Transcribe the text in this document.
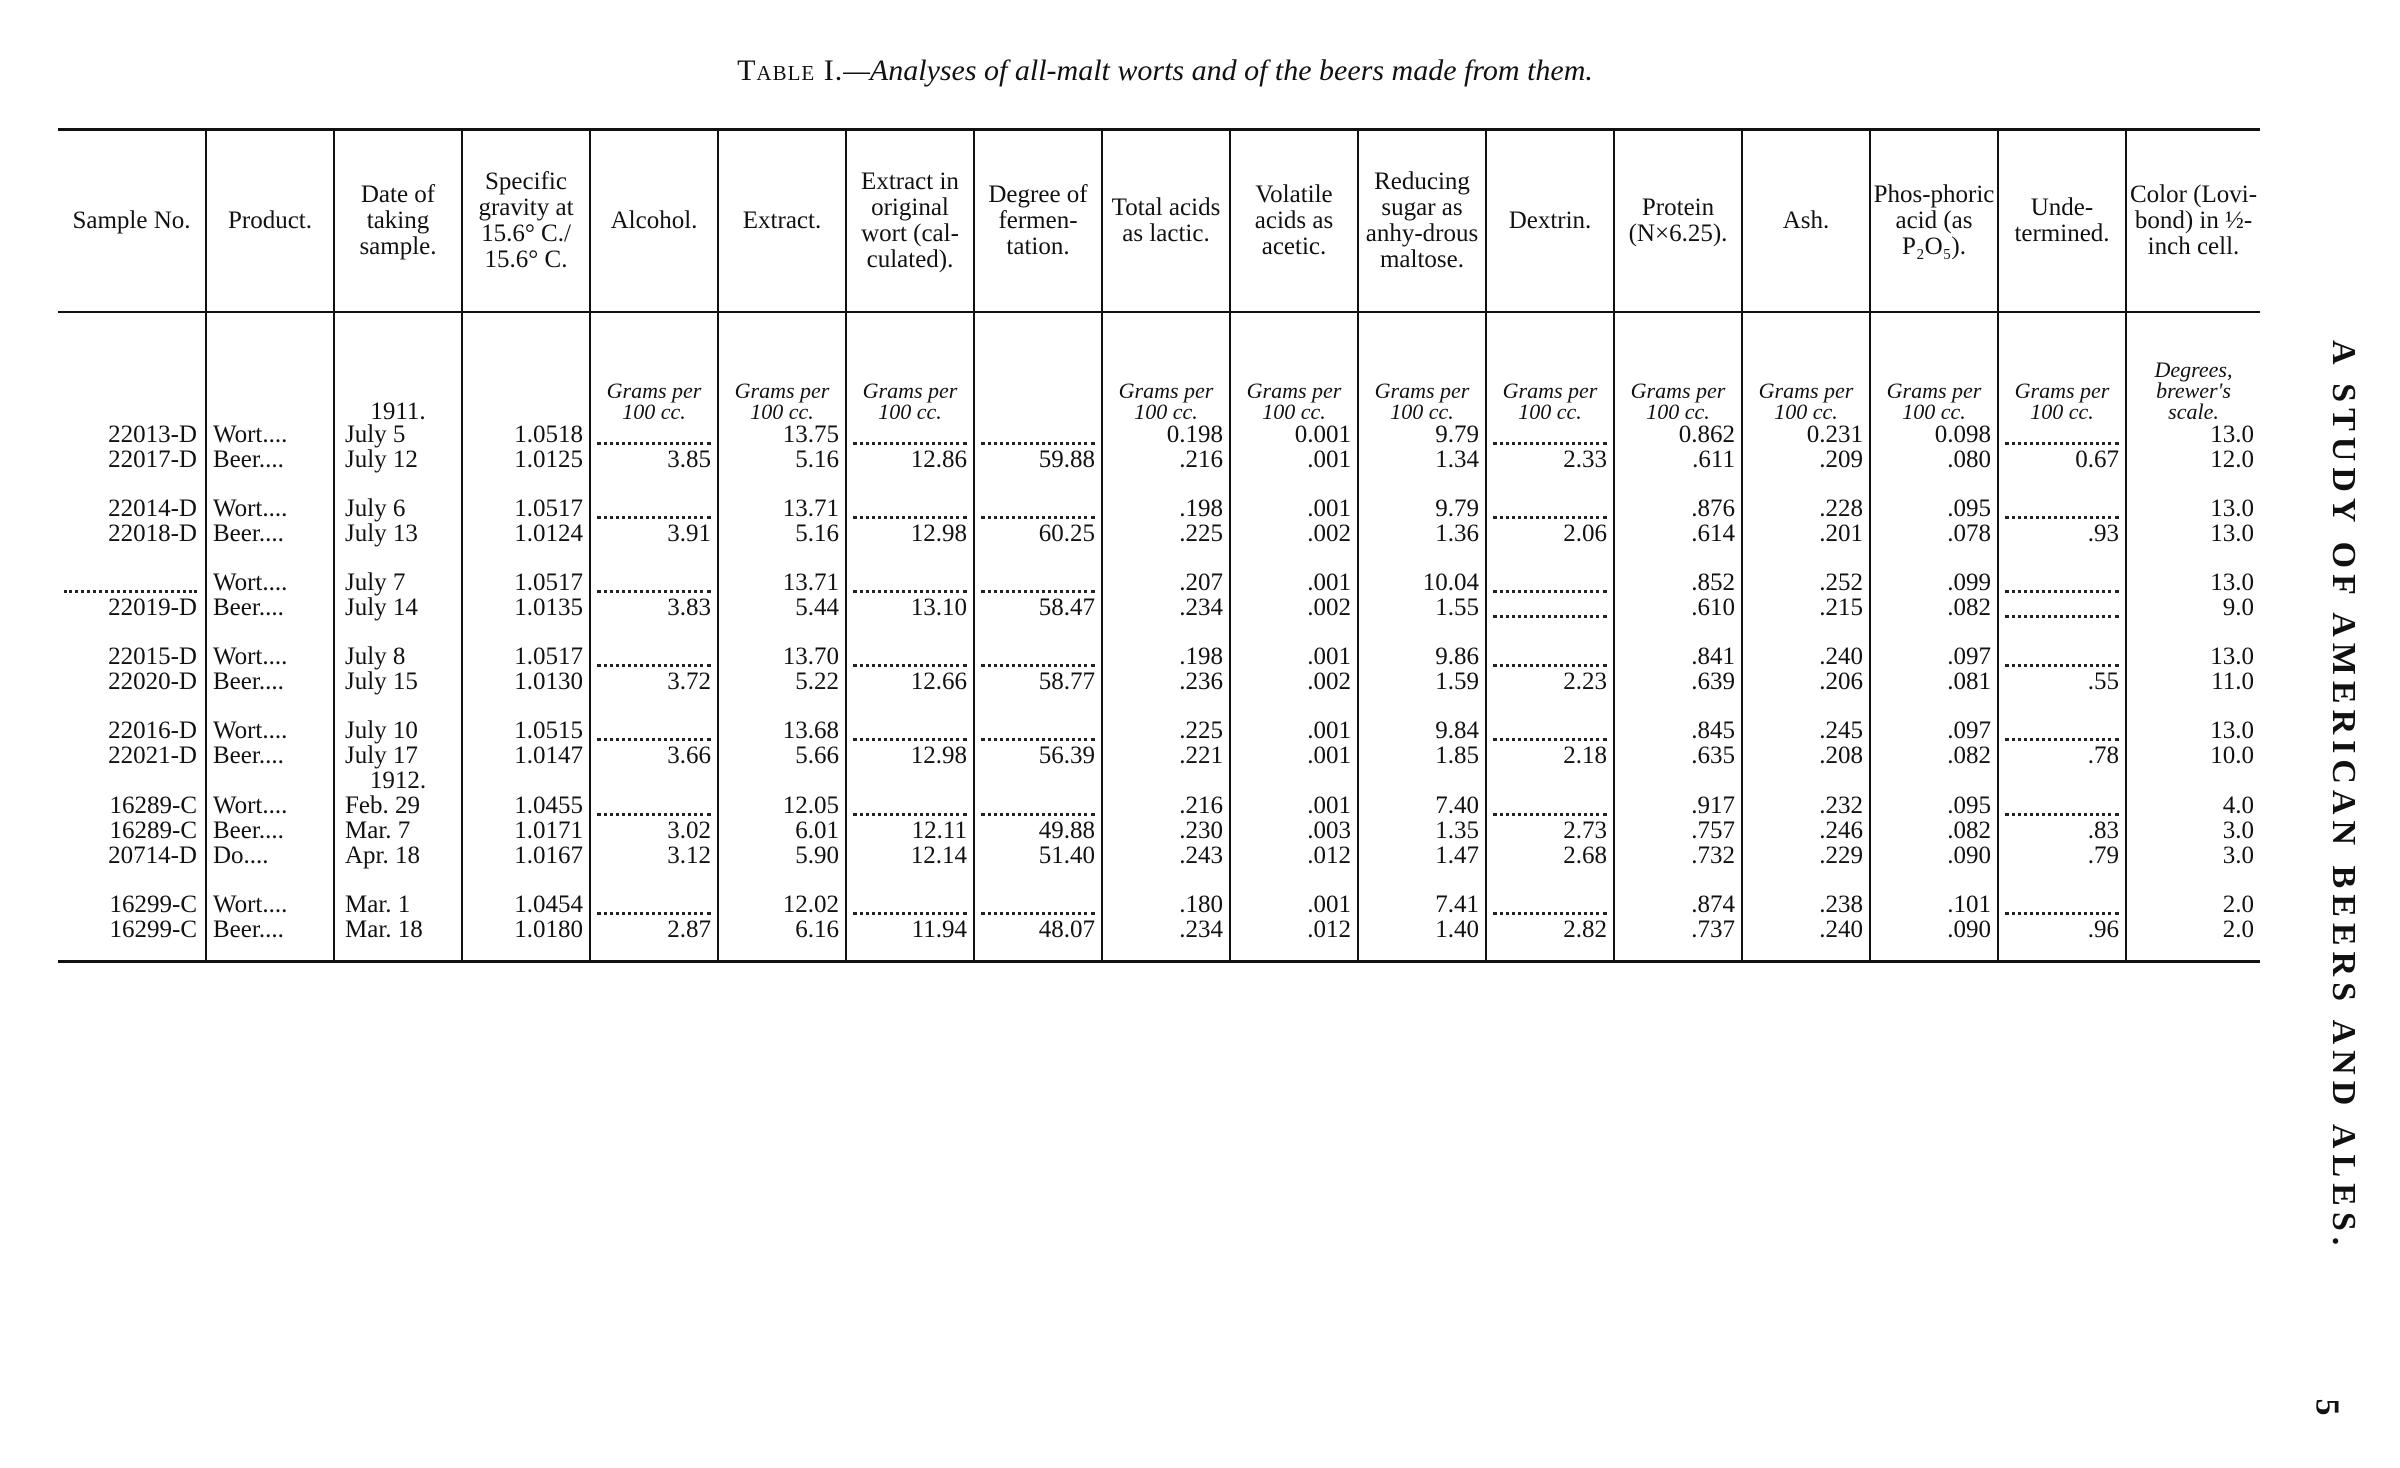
Table I.—Analyses of all-malt worts and of the beers made from them.
Sample No.	Product.	Date of taking sample.	Specific gravity at 15.6° C./ 15.6° C.	Alcohol.	Extract.	Extract in original wort (cal-culated).	Degree of fermen-tation.	Total acids as lactic.	Volatile acids as acetic.	Reducing sugar as anhy-drous maltose.	Dextrin.	Protein (N×6.25).	Ash.	Phos-phoric acid (as P₂O₅).	Unde-termined.	Color (Lovi-bond) in ½-inch cell.

		1911.		Grams per 100 cc.	Grams per 100 cc.	Grams per 100 cc.		Grams per 100 cc.	Grams per 100 cc.	Grams per 100 cc.	Grams per 100 cc.	Grams per 100 cc.	Grams per 100 cc.	Grams per 100 cc.	Grams per 100 cc.	Degrees, brewer's scale.
22013-D	Wort....	July 5	1.0518		13.75			0.198	0.001	9.79		0.862	0.231	0.098		13.0
22017-D	Beer....	July 12	1.0125	3.85	5.16	12.86	59.88	.216	.001	1.34	2.33	.611	.209	.080	0.67	12.0

22014-D	Wort....	July 6	1.0517		13.71			.198	.001	9.79		.876	.228	.095		13.0
22018-D	Beer....	July 13	1.0124	3.91	5.16	12.98	60.25	.225	.002	1.36	2.06	.614	.201	.078	.93	13.0

	Wort....	July 7	1.0517		13.71			.207	.001	10.04		.852	.252	.099		13.0
22019-D	Beer....	July 14	1.0135	3.83	5.44	13.10	58.47	.234	.002	1.55		.610	.215	.082		9.0

22015-D	Wort....	July 8	1.0517		13.70			.198	.001	9.86		.841	.240	.097		13.0
22020-D	Beer....	July 15	1.0130	3.72	5.22	12.66	58.77	.236	.002	1.59	2.23	.639	.206	.081	.55	11.0

22016-D	Wort....	July 10	1.0515		13.68			.225	.001	9.84		.845	.245	.097		13.0
22021-D	Beer....	July 17	1.0147	3.66	5.66	12.98	56.39	.221	.001	1.85	2.18	.635	.208	.082	.78	10.0

		1912.														

16289-C	Wort....	Feb. 29	1.0455		12.05			.216	.001	7.40		.917	.232	.095		4.0
16289-C	Beer....	Mar. 7	1.0171	3.02	6.01	12.11	49.88	.230	.003	1.35	2.73	.757	.246	.082	.83	3.0
20714-D	Do....	Apr. 18	1.0167	3.12	5.90	12.14	51.40	.243	.012	1.47	2.68	.732	.229	.090	.79	3.0

16299-C	Wort....	Mar. 1	1.0454		12.02			.180	.001	7.41		.874	.238	.101		2.0
16299-C	Beer....	Mar. 18	1.0180	2.87	6.16	11.94	48.07	.234	.012	1.40	2.82	.737	.240	.090	.96	2.0
																A STUDY OF AMERICAN BEERS AND ALES.
5
